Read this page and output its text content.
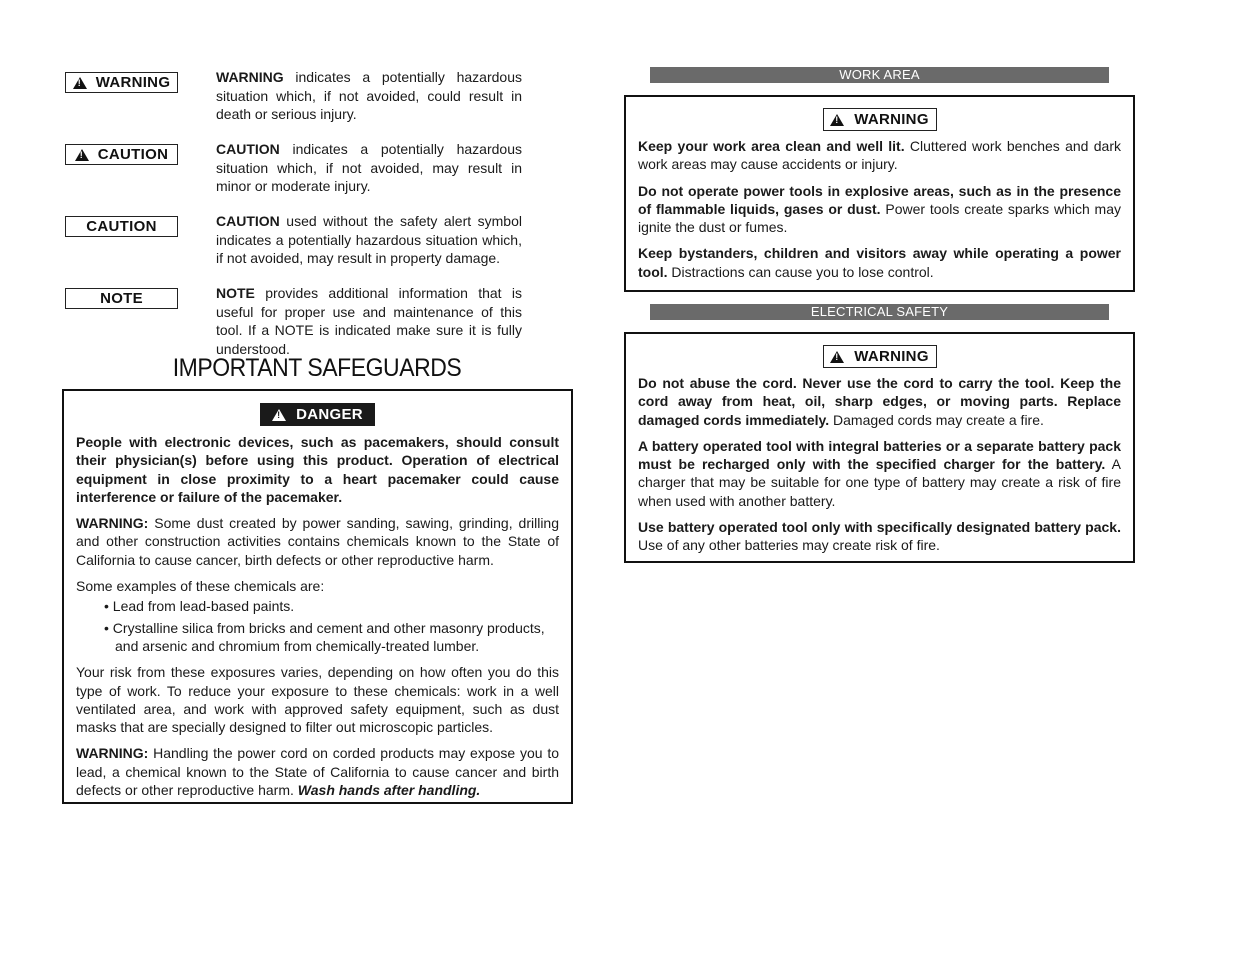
!
WARNING	WARNING indicates a potentially hazardous situation which, if not avoided, could result in death or serious injury.
!
CAUTION	CAUTION indicates a potentially hazardous situation which, if not avoided, may result in minor or moderate injury.
CAUTION	CAUTION used without the safety alert symbol indicates a potentially hazardous situation which, if not avoided, may result in property damage.
NOTE	NOTE provides additional information that is useful for proper use and maintenance of this tool. If a NOTE is indicated make sure it is fully understood.
IMPORTANT SAFEGUARDS
!
DANGER

People with electronic devices, such as pacemakers, should consult their physician(s) before using this product. Operation of electrical equipment in close proximity to a heart pacemaker could cause interference or failure of the pacemaker.

WARNING: Some dust created by power sanding, sawing, grinding, drilling and other construction activities contains chemicals known to the State of California to cause cancer, birth defects or other reproductive harm.

Some examples of these chemicals are:

• Lead from lead-based paints.
• Crystalline silica from bricks and cement and other masonry products, and arsenic and chromium from chemically-treated lumber.

Your risk from these exposures varies, depending on how often you do this type of work. To reduce your exposure to these chemicals: work in a well ventilated area, and work with approved safety equipment, such as dust masks that are specially designed to filter out microscopic particles.

WARNING: Handling the power cord on corded products may expose you to lead, a chemical known to the State of California to cause cancer and birth defects or other reproductive harm. Wash hands after handling.

WORK AREA
!
WARNING

Keep your work area clean and well lit. Cluttered work benches and dark work areas may cause accidents or injury.

Do not operate power tools in explosive areas, such as in the presence of flammable liquids, gases or dust. Power tools create sparks which may ignite the dust or fumes.

Keep bystanders, children and visitors away while operating a power tool. Distractions can cause you to lose control.

ELECTRICAL SAFETY
!
WARNING

Do not abuse the cord. Never use the cord to carry the tool. Keep the cord away from heat, oil, sharp edges, or moving parts. Replace damaged cords immediately. Damaged cords may create a fire.

A battery operated tool with integral batteries or a separate battery pack must be recharged only with the specified charger for the battery. A charger that may be suitable for one type of battery may create a risk of fire when used with another battery.

Use battery operated tool only with specifically designated battery pack. Use of any other batteries may create risk of fire.
